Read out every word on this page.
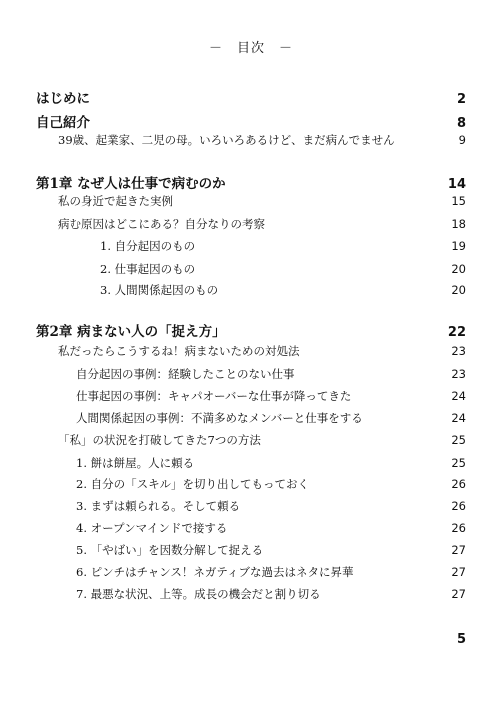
－　目次　－
はじめに	2
自己紹介	8
39歳、起業家、二児の母。いろいろあるけど、まだ病んでません	9
第1章 なぜ人は仕事で病むのか	14
私の身近で起きた実例	15
病む原因はどこにある？自分なりの考察	18
1. 自分起因のもの	19
2. 仕事起因のもの	20
3. 人間関係起因のもの	20
第2章 病まない人の「捉え方」	22
私だったらこうするね！病まないための対処法	23
自分起因の事例：経験したことのない仕事	23
仕事起因の事例：キャパオーバーな仕事が降ってきた	24
人間関係起因の事例：不満多めなメンバーと仕事をする	24
「私」の状況を打破してきた7つの方法	25
1. 餅は餅屋。人に頼る	25
2. 自分の「スキル」を切り出してもっておく	26
3. まずは頼られる。そして頼る	26
4. オープンマインドで接する	26
5. 「やばい」を因数分解して捉える	27
6. ピンチはチャンス！ネガティブな過去はネタに昇華	27
7. 最悪な状況、上等。成長の機会だと割り切る	27
5
